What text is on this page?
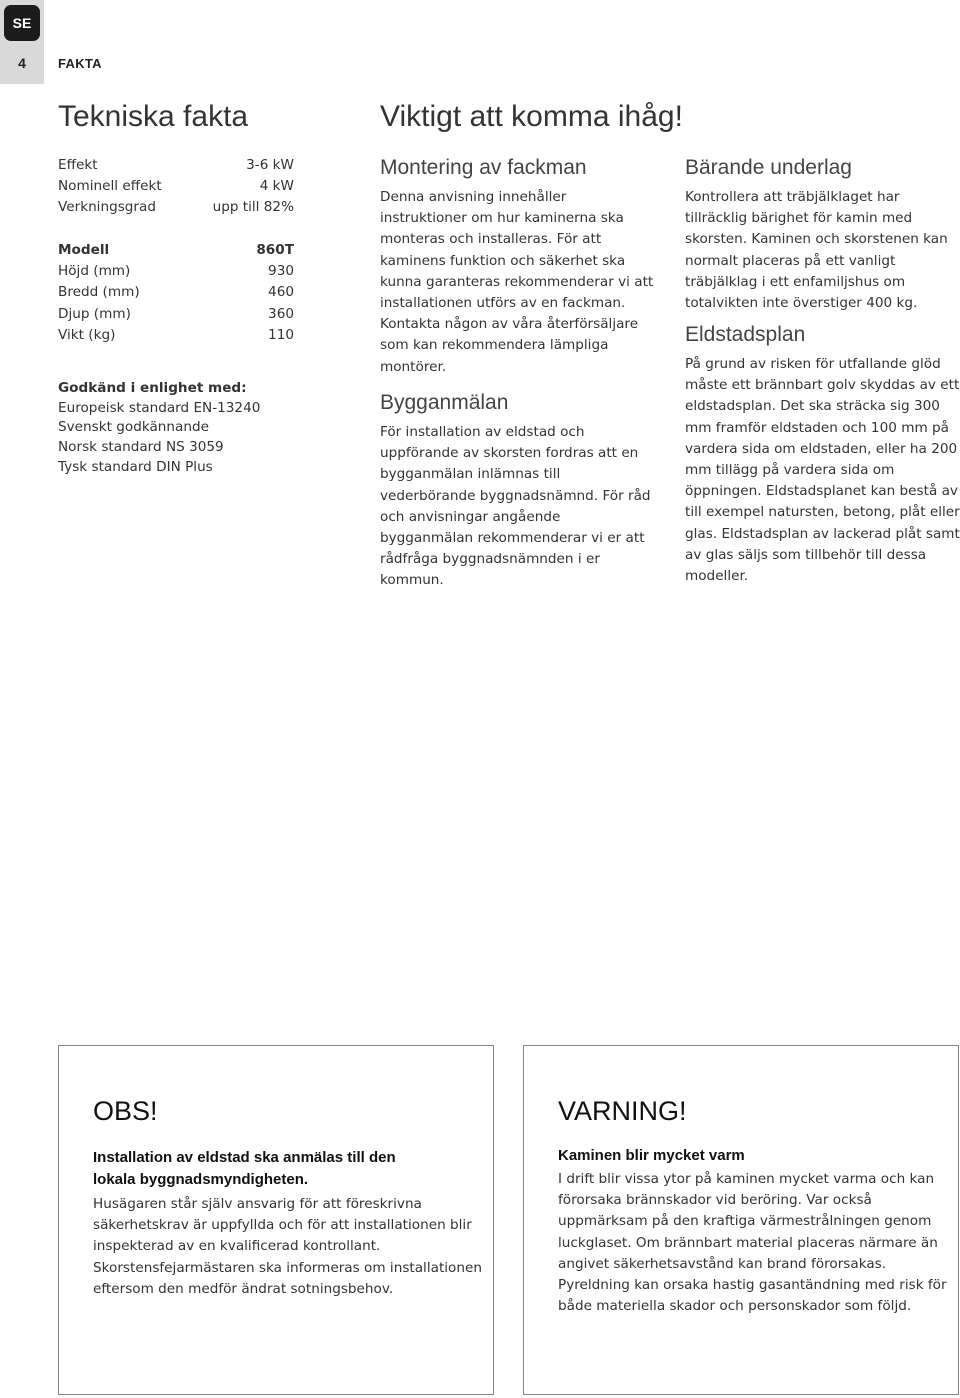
SE
4	FAKTA
Tekniska fakta	Viktigt att komma ihåg!
Effekt	3-6 kW
Nominell effekt	4 kW
Verkningsgrad	upp till 82%
Modell	860T
Höjd (mm)	930
Bredd (mm)	460
Djup (mm)	360
Vikt (kg)	110
Godkänd i enlighet med:
Europeisk standard EN-13240
Svenskt godkännande
Norsk standard NS 3059
Tysk standard DIN Plus
Montering av fackman

Denna anvisning innehåller instruktioner om hur kaminerna ska monteras och installeras. För att kaminens funktion och säkerhet ska kunna garanteras rekommenderar vi att installationen utförs av en fackman. Kontakta någon av våra återförsäljare som kan rekommendera lämpliga montörer.

Bygganmälan

För installation av eldstad och uppförande av skorsten fordras att en bygganmälan inlämnas till vederbörande byggnadsnämnd. För råd och anvisningar angående bygganmälan rekommenderar vi er att rådfråga byggnadsnämnden i er kommun.

Bärande underlag

Kontrollera att träbjälklaget har tillräcklig bärighet för kamin med skorsten. Kaminen och skorstenen kan normalt placeras på ett vanligt träbjälklag i ett enfamiljshus om totalvikten inte överstiger 400 kg.

Eldstadsplan

På grund av risken för utfallande glöd måste ett brännbart golv skyddas av ett eldstadsplan. Det ska sträcka sig 300 mm framför eldstaden och 100 mm på vardera sida om eldstaden, eller ha 200 mm tillägg på vardera sida om öppningen. Eldstadsplanet kan bestå av till exempel natursten, betong, plåt eller glas. Eldstadsplan av lackerad plåt samt av glas säljs som tillbehör till dessa modeller.

OBS!
Installation av eldstad ska anmälas till den lokala byggnadsmyndigheten.
Husägaren står själv ansvarig för att föreskrivna säkerhetskrav är uppfyllda och för att installationen blir inspekterad av en kvalificerad kontrollant. Skorstensfejarmästaren ska informeras om installationen eftersom den medför ändrat sotningsbehov.
VARNING!
Kaminen blir mycket varm
I drift blir vissa ytor på kaminen mycket varma och kan förorsaka brännskador vid beröring. Var också uppmärksam på den kraftiga värmestrålningen genom luckglaset. Om brännbart material placeras närmare än angivet säkerhetsavstånd kan brand förorsakas. Pyreldning kan orsaka hastig gasantändning med risk för både materiella skador och personskador som följd.
